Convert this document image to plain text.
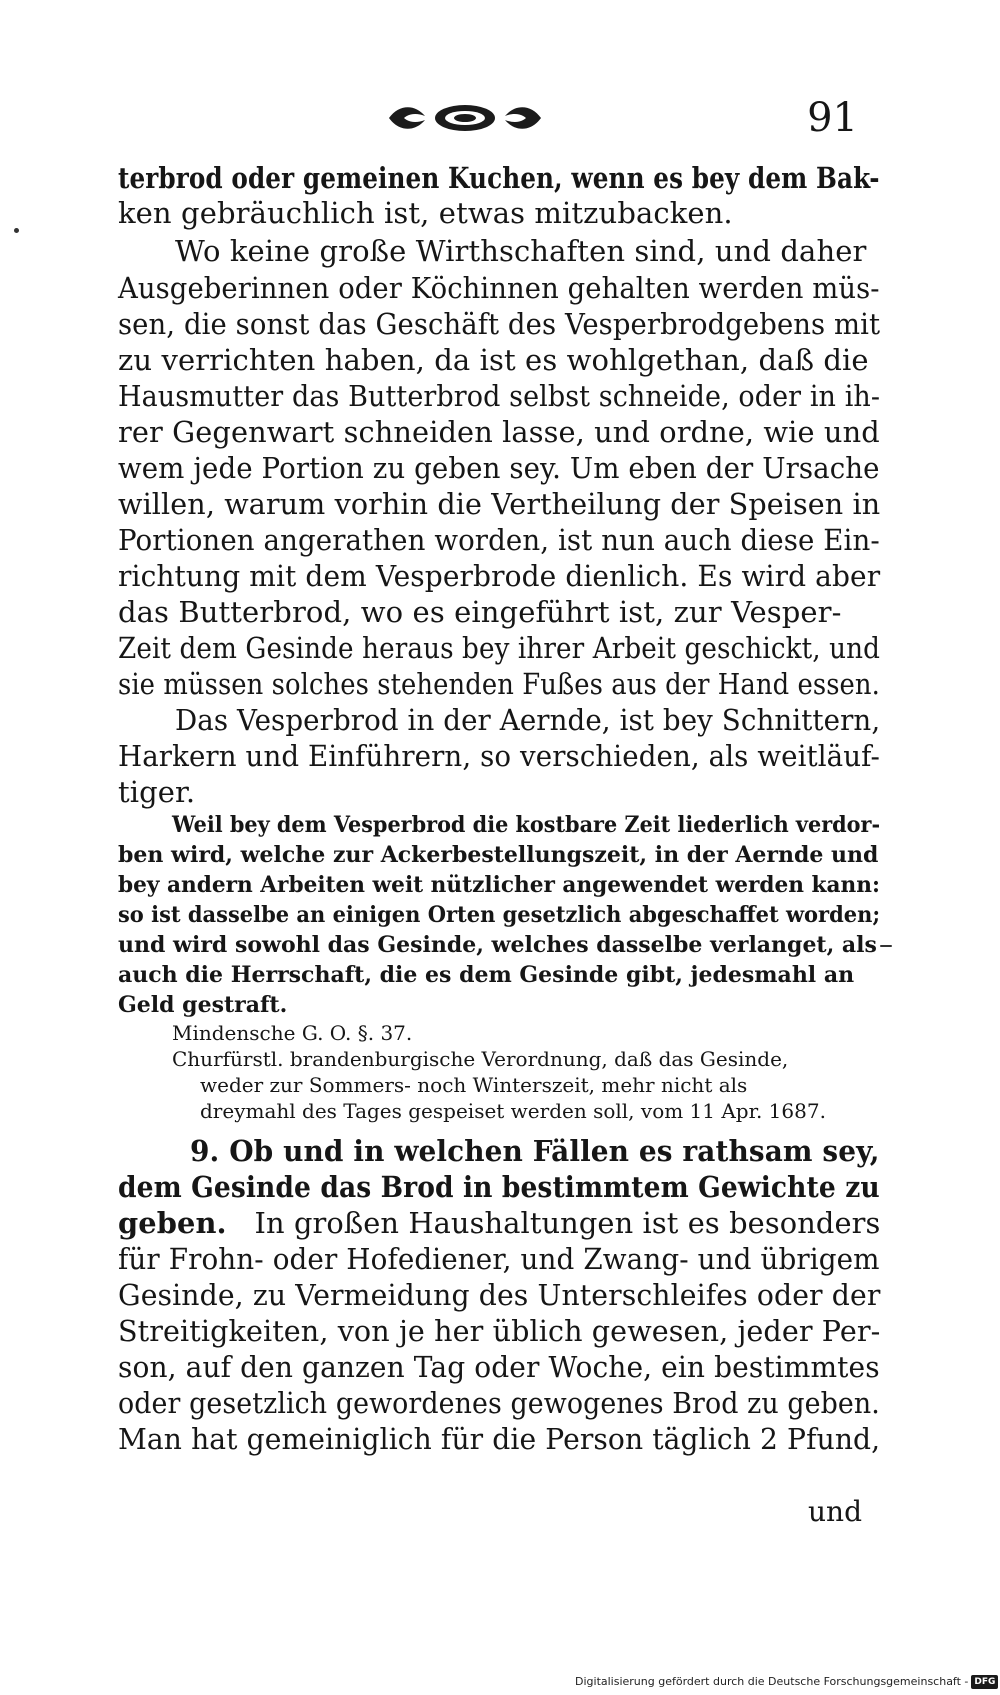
91
terbrod oder gemeinen Kuchen, wenn es bey dem Bak-
ken gebräuchlich ist, etwas mitzubacken.
Wo keine große Wirthschaften sind, und daher
Ausgeberinnen oder Köchinnen gehalten werden müs-
sen, die sonst das Geschäft des Vesperbrodgebens mit
zu verrichten haben, da ist es wohlgethan, daß die
Hausmutter das Butterbrod selbst schneide, oder in ih-
rer Gegenwart schneiden lasse, und ordne, wie und
wem jede Portion zu geben sey. Um eben der Ursache
willen, warum vorhin die Vertheilung der Speisen in
Portionen angerathen worden, ist nun auch diese Ein-
richtung mit dem Vesperbrode dienlich. Es wird aber
das Butterbrod, wo es eingeführt ist, zur Vesper-
Zeit dem Gesinde heraus bey ihrer Arbeit geschickt, und
sie müssen solches stehenden Fußes aus der Hand essen.
Das Vesperbrod in der Aernde, ist bey Schnittern,
Harkern und Einführern, so verschieden, als weitläuf-
tiger.
Weil bey dem Vesperbrod die kostbare Zeit liederlich verdor-
ben wird, welche zur Ackerbestellungszeit, in der Aernde und
bey andern Arbeiten weit nützlicher angewendet werden kann:
so ist dasselbe an einigen Orten gesetzlich abgeschaffet worden;
und wird sowohl das Gesinde, welches dasselbe verlanget, als
auch die Herrschaft, die es dem Gesinde gibt, jedesmahl an
Geld gestraft.
Mindensche G. O. §. 37.
Churfürstl. brandenburgische Verordnung, daß das Gesinde,
weder zur Sommers- noch Winterszeit, mehr nicht als
dreymahl des Tages gespeiset werden soll, vom 11 Apr. 1687.
9. Ob und in welchen Fällen es rathsam sey,
dem Gesinde das Brod in bestimmtem Gewichte zu
geben. In großen Haushaltungen ist es besonders
für Frohn- oder Hofediener, und Zwang- und übrigem
Gesinde, zu Vermeidung des Unterschleifes oder der
Streitigkeiten, von je her üblich gewesen, jeder Per-
son, auf den ganzen Tag oder Woche, ein bestimmtes
oder gesetzlich gewordenes gewogenes Brod zu geben.
Man hat gemeiniglich für die Person täglich 2 Pfund,
und
Digitalisierung gefördert durch die Deutsche Forschungsgemeinschaft - DFG
